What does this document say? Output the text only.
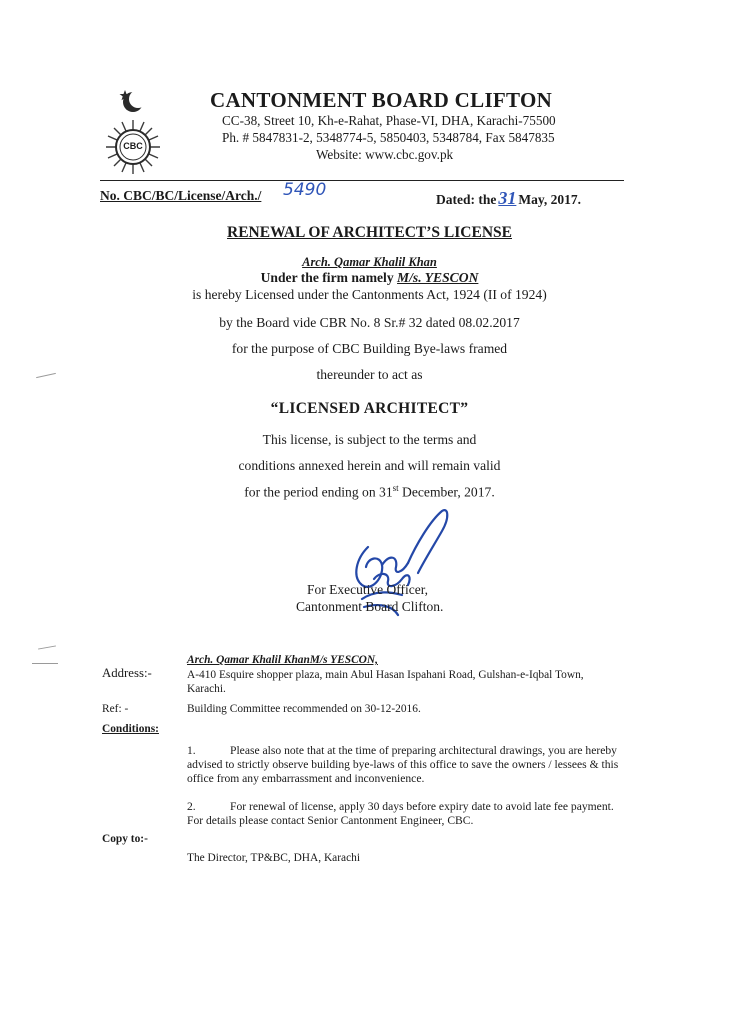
CBC
CANTONMENT BOARD CLIFTON
CC-38, Street 10, Kh-e-Rahat, Phase-VI, DHA, Karachi-75500
Ph. # 5847831-2, 5348774-5, 5850403, 5348784, Fax 5847835
Website: www.cbc.gov.pk
No. CBC/BC/License/Arch./ 5490	Dated: the 31 May, 2017.
RENEWAL OF ARCHITECT’S LICENSE
Arch. Qamar Khalil Khan
Under the firm namely M/s. YESCON
is hereby Licensed under the Cantonments Act, 1924 (II of 1924)
by the Board vide CBR No. 8 Sr.# 32 dated 08.02.2017
for the purpose of CBC Building Bye-laws framed
thereunder to act as
“LICENSED ARCHITECT”
This license, is subject to the terms and
conditions annexed herein and will remain valid
for the period ending on 31st December, 2017.
For Executive Officer,
Cantonment Board Clifton.
Arch. Qamar Khalil KhanM/s YESCON,
Address:-	A-410 Esquire shopper plaza, main Abul Hasan Ispahani Road, Gulshan-e-Iqbal Town,
Karachi.
Ref: -	Building Committee recommended on 30-12-2016.
Conditions:
1.	Please also note that at the time of preparing architectural drawings, you are hereby
advised to strictly observe building bye-laws of this office to save the owners / lessees & this
office from any embarrassment and inconvenience.
2.	For renewal of license, apply 30 days before expiry date to avoid late fee payment.
For details please contact Senior Cantonment Engineer, CBC.
Copy to:-
The Director, TP&BC, DHA, Karachi
